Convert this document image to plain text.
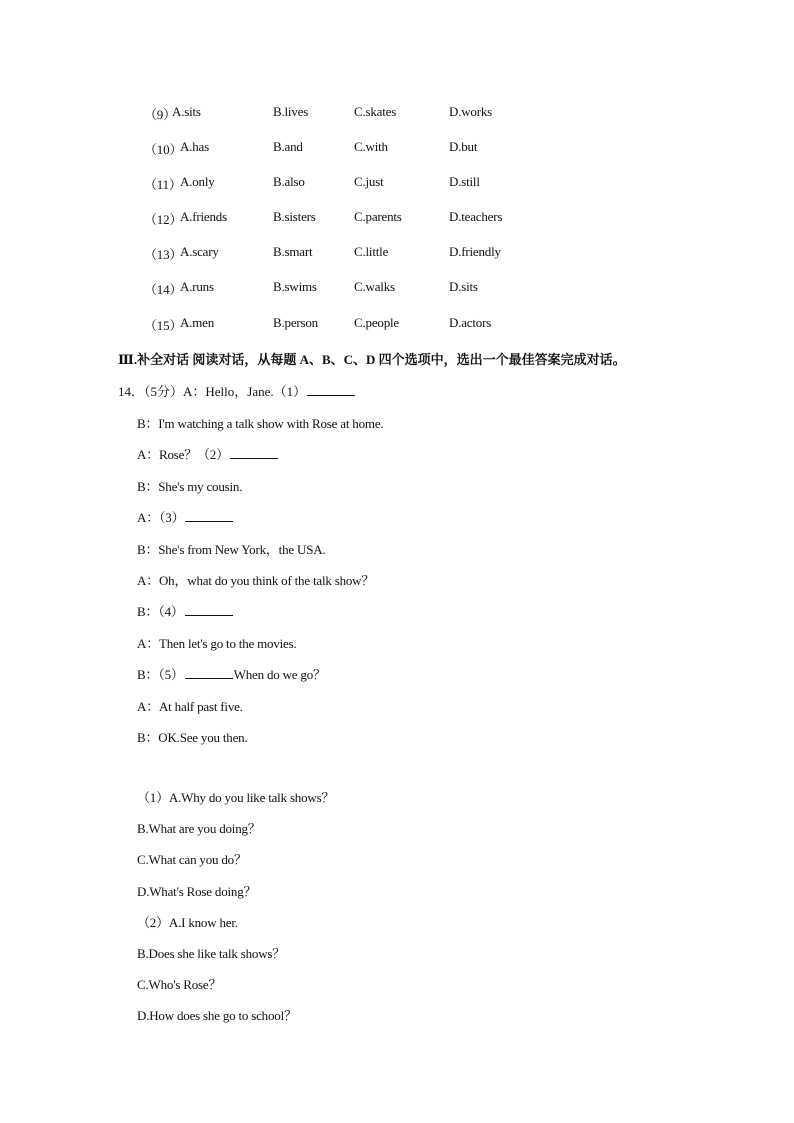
（9）
A.sits	B.lives	C.skates	D.works
（10）
A.has	B.and	C.with	D.but
（11）
A.only	B.also	C.just	D.still
（12）
A.friends	B.sisters	C.parents	D.teachers
（13）
A.scary	B.smart	C.little	D.friendly
（14）
A.runs	B.swims	C.walks	D.sits
（15）
A.men	B.person	C.people	D.actors
Ⅲ.补全对话 阅读对话，从每题 A、B、C、D 四个选项中，选出一个最佳答案完成对话。
14．（5分）A：Hello，Jane.（1）
B：I'm watching a talk show with Rose at home.
A：Rose？（2）
B：She's my cousin.
A：（3）
B：She's from New York，the USA.
A：Oh，what do you think of the talk show？
B：（4）
A：Then let's go to the movies.
B：（5）	When do we go？
A：At half past five.
B：OK.See you then.
（1）A.Why do you like talk shows？
B.What are you doing？
C.What can you do？
D.What's Rose doing？
（2）A.I know her.
B.Does she like talk shows？
C.Who's Rose？
D.How does she go to school？
